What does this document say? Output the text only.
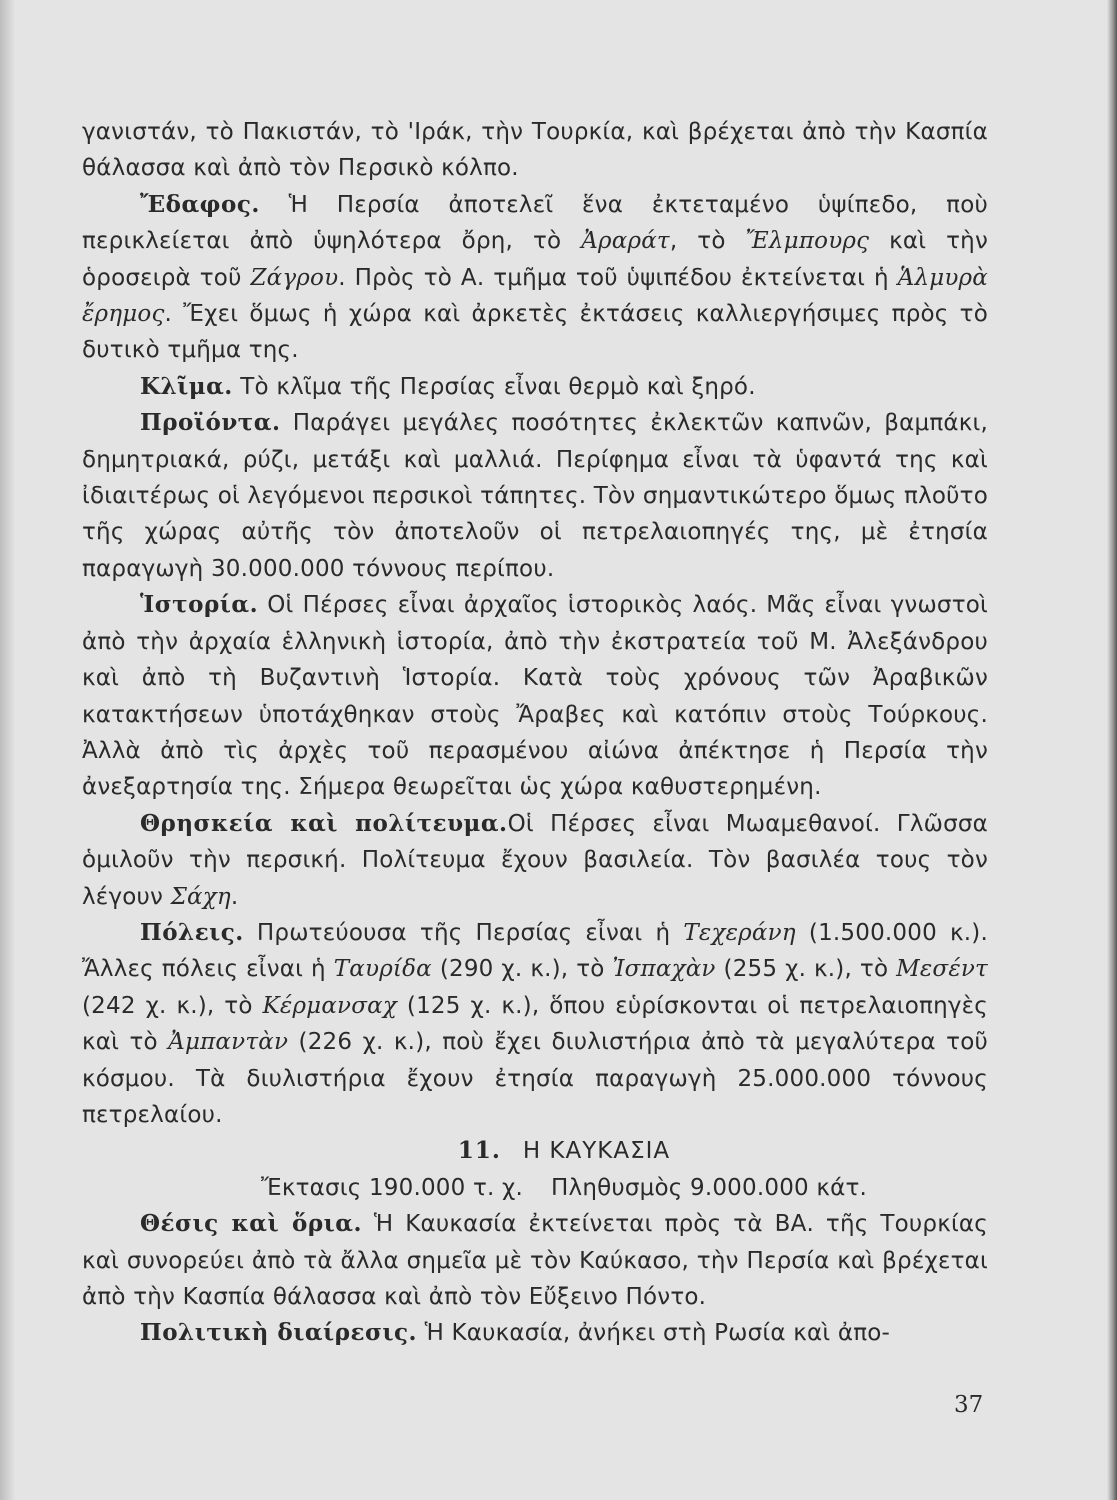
γανιστάν, τὸ Πακιστάν, τὸ 'Ιράκ, τὴν Τουρκία, καὶ βρέχεται ἀπὸ τὴν Κασπία θάλασσα καὶ ἀπὸ τὸν Περσικὸ κόλπο.

Ἔδαφος. Ἡ Περσία ἀποτελεῖ ἕνα ἐκτεταμένο ὑψίπεδο, ποὺ περικλείεται ἀπὸ ὑψηλότερα ὄρη, τὸ Ἀραράτ, τὸ Ἔλμπουρς καὶ τὴν ὁροσειρὰ τοῦ Ζάγρου. Πρὸς τὸ Α. τμῆμα τοῦ ὑψιπέδου ἐκτείνεται ἡ Ἁλμυρὰ ἔρημος. Ἔχει ὅμως ἡ χώρα καὶ ἀρκετὲς ἐκτάσεις καλλιεργήσιμες πρὸς τὸ δυτικὸ τμῆμα της.

Κλῖμα. Τὸ κλῖμα τῆς Περσίας εἶναι θερμὸ καὶ ξηρό.

Προϊόντα. Παράγει μεγάλες ποσότητες ἐκλεκτῶν καπνῶν, βαμπάκι, δημητριακά, ρύζι, μετάξι καὶ μαλλιά. Περίφημα εἶναι τὰ ὑφαντά της καὶ ἰδιαιτέρως οἱ λεγόμενοι περσικοὶ τάπητες. Τὸν σημαντικώτερο ὅμως πλοῦτο τῆς χώρας αὐτῆς τὸν ἀποτελοῦν οἱ πετρελαιοπηγές της, μὲ ἐτησία παραγωγὴ 30.000.000 τόννους περίπου.

Ἱστορία. Οἱ Πέρσες εἶναι ἀρχαῖος ἱστορικὸς λαός. Μᾶς εἶναι γνωστοὶ ἀπὸ τὴν ἀρχαία ἑλληνικὴ ἱστορία, ἀπὸ τὴν ἐκστρατεία τοῦ Μ. Ἀλεξάνδρου καὶ ἀπὸ τὴ Βυζαντινὴ Ἱστορία. Κατὰ τοὺς χρόνους τῶν Ἀραβικῶν κατακτήσεων ὑποτάχθηκαν στοὺς Ἄραβες καὶ κατόπιν στοὺς Τούρκους. Ἀλλὰ ἀπὸ τὶς ἀρχὲς τοῦ περασμένου αἰώνα ἀπέκτησε ἡ Περσία τὴν ἀνεξαρτησία της. Σήμερα θεωρεῖται ὡς χώρα καθυστερημένη.

Θρησκεία καὶ πολίτευμα.Οἱ Πέρσες εἶναι Μωαμεθανοί. Γλῶσσα ὁμιλοῦν τὴν περσική. Πολίτευμα ἔχουν βασιλεία. Τὸν βασιλέα τους τὸν λέγουν Σάχη.

Πόλεις. Πρωτεύουσα τῆς Περσίας εἶναι ἡ Τεχεράνη (1.500.000 κ.). Ἄλλες πόλεις εἶναι ἡ Ταυρίδα (290 χ. κ.), τὸ Ἰσπαχὰν (255 χ. κ.), τὸ Μεσέντ (242 χ. κ.), τὸ Κέρμανσαχ (125 χ. κ.), ὅπου εὑρίσκονται οἱ πετρελαιοπηγὲς καὶ τὸ Ἀμπαντὰν (226 χ. κ.), ποὺ ἔχει διυλιστήρια ἀπὸ τὰ μεγαλύτερα τοῦ κόσμου. Τὰ διυλιστήρια ἔχουν ἐτησία παραγωγὴ 25.000.000 τόννους πετρελαίου.

11. Η ΚΑΥΚΑΣΙΑ

Ἔκτασις 190.000 τ. χ. Πληθυσμὸς 9.000.000 κάτ.

Θέσις καὶ ὅρια. Ἡ Καυκασία ἐκτείνεται πρὸς τὰ ΒΑ. τῆς Τουρκίας καὶ συνορεύει ἀπὸ τὰ ἄλλα σημεῖα μὲ τὸν Καύκασο, τὴν Περσία καὶ βρέχεται ἀπὸ τὴν Κασπία θάλασσα καὶ ἀπὸ τὸν Εὔξεινο Πόντο.

Πολιτικὴ διαίρεσις. Ἡ Καυκασία, ἀνήκει στὴ Ρωσία καὶ ἀπο-

37
